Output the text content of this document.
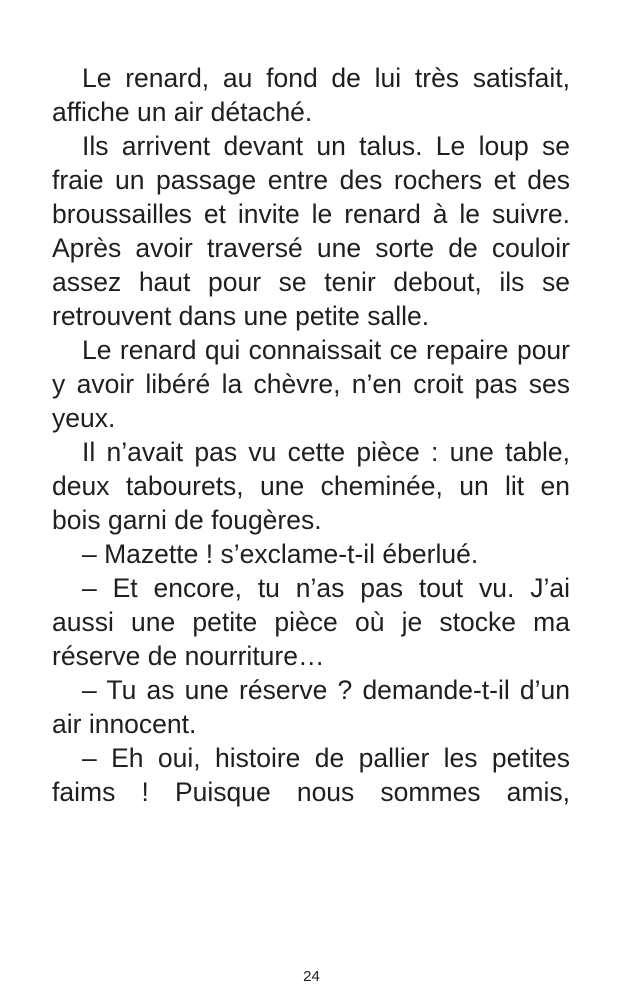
Le renard, au fond de lui très satisfait, affiche un air détaché.

Ils arrivent devant un talus. Le loup se fraie un passage entre des rochers et des broussailles et invite le renard à le suivre. Après avoir traversé une sorte de couloir assez haut pour se tenir debout, ils se retrouvent dans une petite salle.

Le renard qui connaissait ce repaire pour y avoir libéré la chèvre, n’en croit pas ses yeux.

Il n’avait pas vu cette pièce : une table, deux tabourets, une cheminée, un lit en bois garni de fougères.

– Mazette ! s’exclame-t-il éberlué.

– Et encore, tu n’as pas tout vu. J’ai aussi une petite pièce où je stocke ma réserve de nourriture…

– Tu as une réserve ? demande-t-il d’un air innocent.

– Eh oui, histoire de pallier les petites faims ! Puisque nous sommes amis,

24
